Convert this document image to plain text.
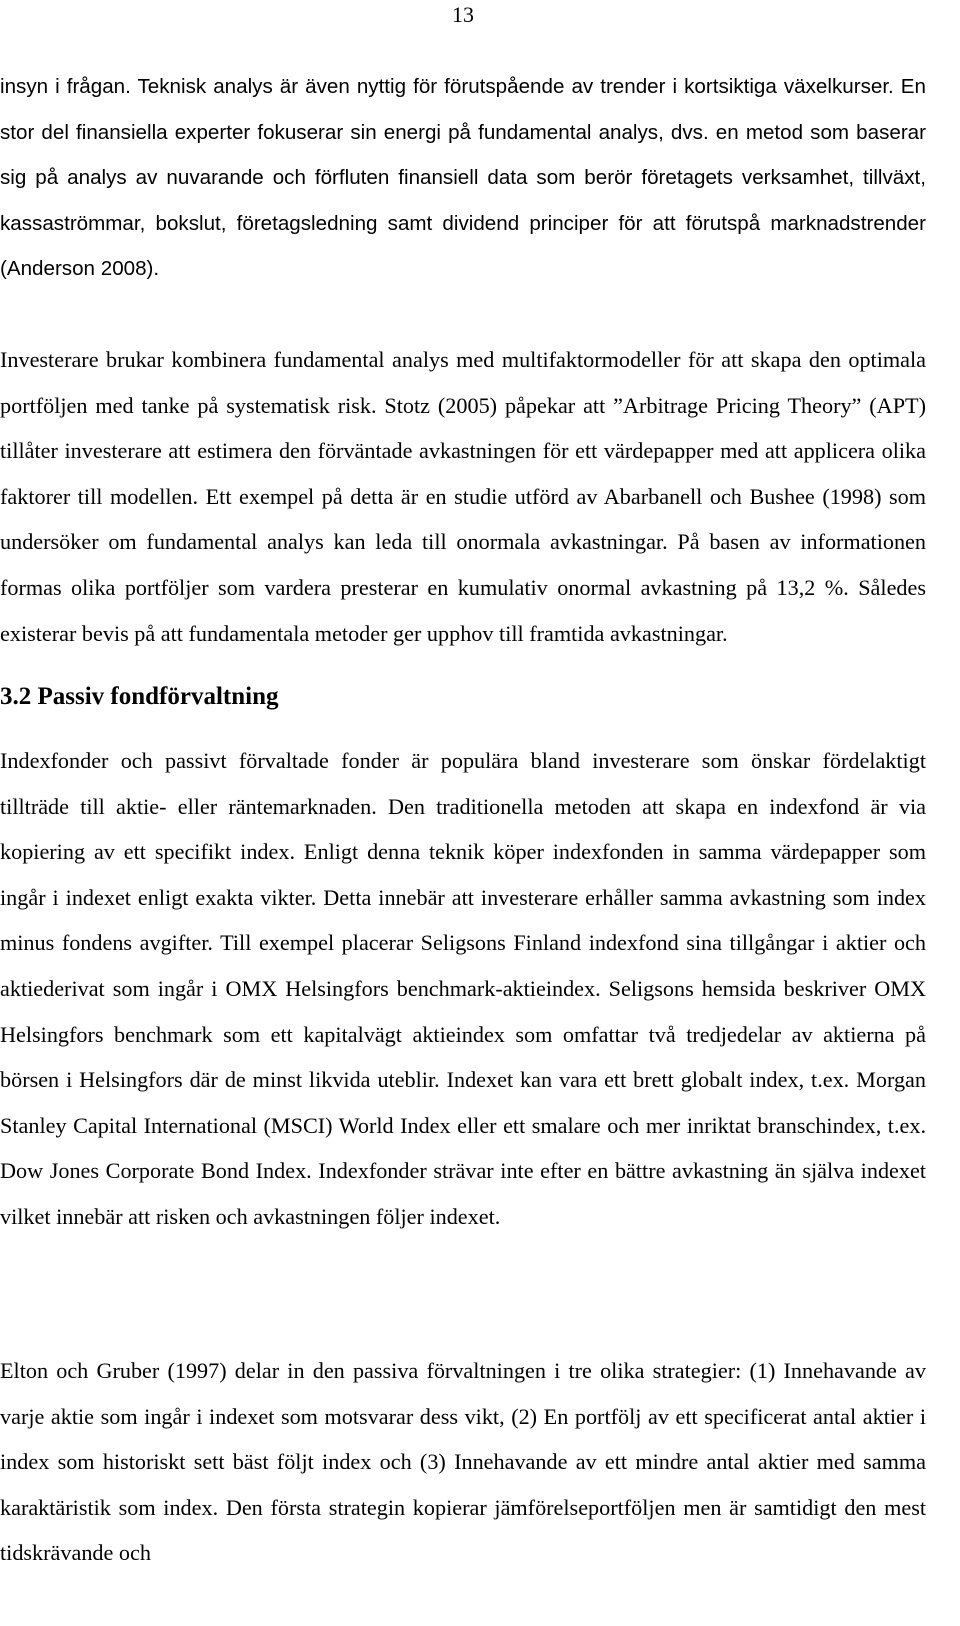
13

insyn i frågan. Teknisk analys är även nyttig för förutspående av trender i kortsiktiga växelkurser. En stor del finansiella experter fokuserar sin energi på fundamental analys, dvs. en metod som baserar sig på analys av nuvarande och förfluten finansiell data som berör företagets verksamhet, tillväxt, kassaströmmar, bokslut, företagsledning samt dividend principer för att förutspå marknadstrender (Anderson 2008).

Investerare brukar kombinera fundamental analys med multifaktormodeller för att skapa den optimala portföljen med tanke på systematisk risk. Stotz (2005) påpekar att ”Arbitrage Pricing Theory” (APT) tillåter investerare att estimera den förväntade avkastningen för ett värdepapper med att applicera olika faktorer till modellen. Ett exempel på detta är en studie utförd av Abarbanell och Bushee (1998) som undersöker om fundamental analys kan leda till onormala avkastningar. På basen av informationen formas olika portföljer som vardera presterar en kumulativ onormal avkastning på 13,2 %. Således existerar bevis på att fundamentala metoder ger upphov till framtida avkastningar.

3.2 Passiv fondförvaltning

Indexfonder och passivt förvaltade fonder är populära bland investerare som önskar fördelaktigt tillträde till aktie- eller räntemarknaden. Den traditionella metoden att skapa en indexfond är via kopiering av ett specifikt index. Enligt denna teknik köper indexfonden in samma värdepapper som ingår i indexet enligt exakta vikter. Detta innebär att investerare erhåller samma avkastning som index minus fondens avgifter. Till exempel placerar Seligsons Finland indexfond sina tillgångar i aktier och aktiederivat som ingår i OMX Helsingfors benchmark-aktieindex. Seligsons hemsida beskriver OMX Helsingfors benchmark som ett kapitalvägt aktieindex som omfattar två tredjedelar av aktierna på börsen i Helsingfors där de minst likvida uteblir. Indexet kan vara ett brett globalt index, t.ex. Morgan Stanley Capital International (MSCI) World Index eller ett smalare och mer inriktat branschindex, t.ex. Dow Jones Corporate Bond Index. Indexfonder strävar inte efter en bättre avkastning än själva indexet vilket innebär att risken och avkastningen följer indexet.

Elton och Gruber (1997) delar in den passiva förvaltningen i tre olika strategier: (1) Innehavande av varje aktie som ingår i indexet som motsvarar dess vikt, (2) En portfölj av ett specificerat antal aktier i index som historiskt sett bäst följt index och (3) Innehavande av ett mindre antal aktier med samma karaktäristik som index. Den första strategin kopierar jämförelseportföljen men är samtidigt den mest tidskrävande och
